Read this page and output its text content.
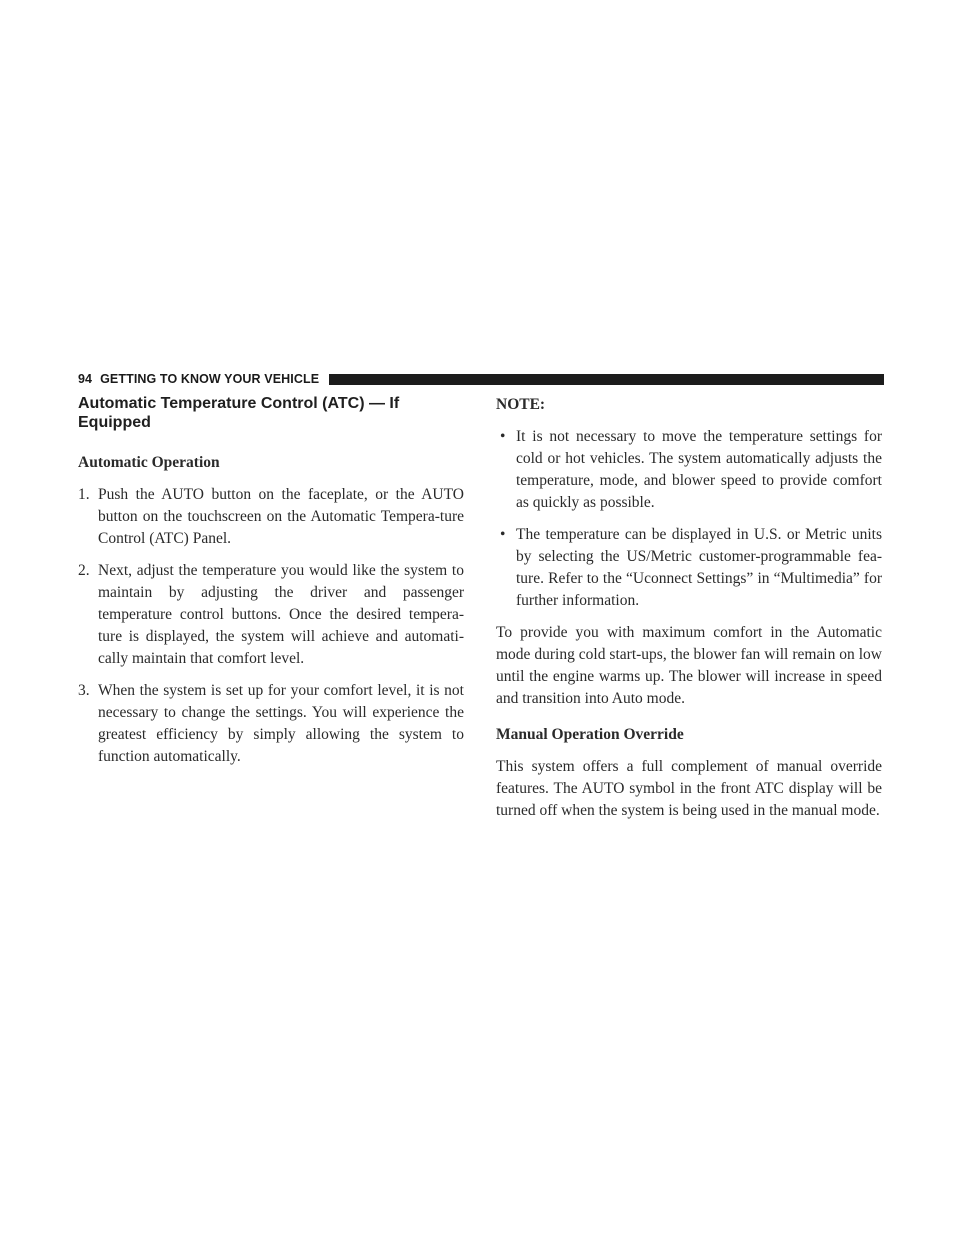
94 GETTING TO KNOW YOUR VEHICLE
Automatic Temperature Control (ATC) — If Equipped
Automatic Operation
1. Push the AUTO button on the faceplate, or the AUTO button on the touchscreen on the Automatic Tempera-ture Control (ATC) Panel.
2. Next, adjust the temperature you would like the system to maintain by adjusting the driver and passenger temperature control buttons. Once the desired tempera-ture is displayed, the system will achieve and automati-cally maintain that comfort level.
3. When the system is set up for your comfort level, it is not necessary to change the settings. You will experience the greatest efficiency by simply allowing the system to function automatically.
NOTE:
• It is not necessary to move the temperature settings for cold or hot vehicles. The system automatically adjusts the temperature, mode, and blower speed to provide comfort as quickly as possible.
• The temperature can be displayed in U.S. or Metric units by selecting the US/Metric customer-programmable fea-ture. Refer to the “Uconnect Settings” in “Multimedia” for further information.

To provide you with maximum comfort in the Automatic mode during cold start-ups, the blower fan will remain on low until the engine warms up. The blower will increase in speed and transition into Auto mode.

Manual Operation Override

This system offers a full complement of manual override features. The AUTO symbol in the front ATC display will be turned off when the system is being used in the manual mode.
